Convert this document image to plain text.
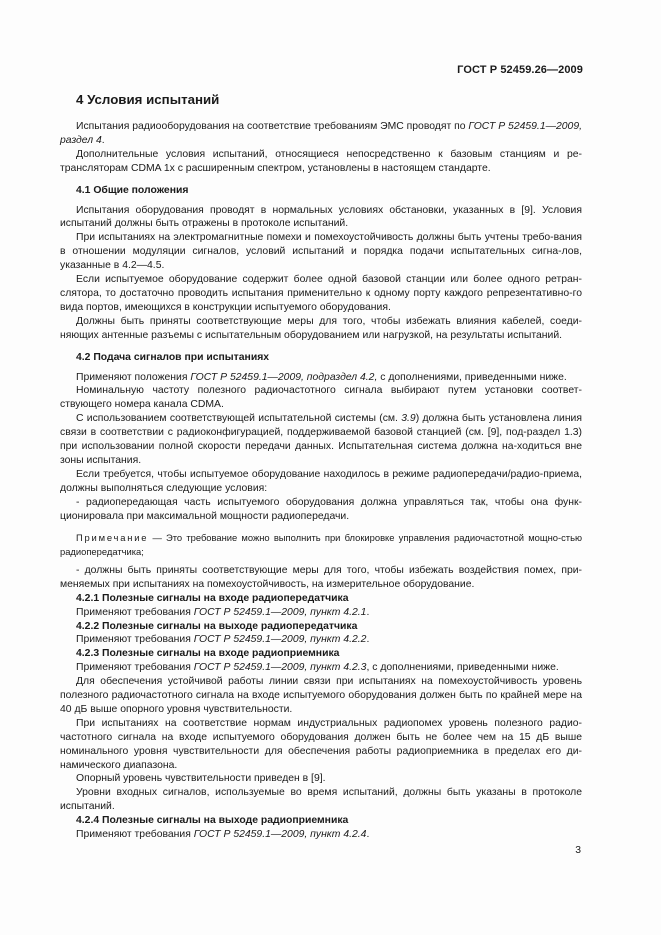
ГОСТ Р 52459.26—2009
4 Условия испытаний

Испытания радиооборудования на соответствие требованиям ЭМС проводят по ГОСТ Р 52459.1—2009, раздел 4.

Дополнительные условия испытаний, относящиеся непосредственно к базовым станциям и ре-трансляторам CDMA 1x с расширенным спектром, установлены в настоящем стандарте.

4.1 Общие положения

Испытания оборудования проводят в нормальных условиях обстановки, указанных в [9]. Условия испытаний должны быть отражены в протоколе испытаний.

При испытаниях на электромагнитные помехи и помехоустойчивость должны быть учтены требо-вания в отношении модуляции сигналов, условий испытаний и порядка подачи испытательных сигна-лов, указанные в 4.2—4.5.

Если испытуемое оборудование содержит более одной базовой станции или более одного ретран-слятора, то достаточно проводить испытания применительно к одному порту каждого репрезентативно-го вида портов, имеющихся в конструкции испытуемого оборудования.

Должны быть приняты соответствующие меры для того, чтобы избежать влияния кабелей, соеди-няющих антенные разъемы с испытательным оборудованием или нагрузкой, на результаты испытаний.

4.2 Подача сигналов при испытаниях

Применяют положения ГОСТ Р 52459.1—2009, подраздел 4.2, с дополнениями, приведенными ниже.

Номинальную частоту полезного радиочастотного сигнала выбирают путем установки соответ-ствующего номера канала CDMA.

С использованием соответствующей испытательной системы (см. 3.9) должна быть установлена линия связи в соответствии с радиоконфигурацией, поддерживаемой базовой станцией (см. [9], под-раздел 1.3) при использовании полной скорости передачи данных. Испытательная система должна на-ходиться вне зоны испытания.

Если требуется, чтобы испытуемое оборудование находилось в режиме радиопередачи/радио-приема, должны выполняться следующие условия:

- радиопередающая часть испытуемого оборудования должна управляться так, чтобы она функ-ционировала при максимальной мощности радиопередачи.

Примечание — Это требование можно выполнить при блокировке управления радиочастотной мощно-стью радиопередатчика;

- должны быть приняты соответствующие меры для того, чтобы избежать воздействия помех, при-меняемых при испытаниях на помехоустойчивость, на измерительное оборудование.

4.2.1 Полезные сигналы на входе радиопередатчика

Применяют требования ГОСТ Р 52459.1—2009, пункт 4.2.1.

4.2.2 Полезные сигналы на выходе радиопередатчика

Применяют требования ГОСТ Р 52459.1—2009, пункт 4.2.2.

4.2.3 Полезные сигналы на входе радиоприемника

Применяют требования ГОСТ Р 52459.1—2009, пункт 4.2.3, с дополнениями, приведенными ниже.

Для обеспечения устойчивой работы линии связи при испытаниях на помехоустойчивость уровень полезного радиочастотного сигнала на входе испытуемого оборудования должен быть по крайней мере на 40 дБ выше опорного уровня чувствительности.

При испытаниях на соответствие нормам индустриальных радиопомех уровень полезного радио-частотного сигнала на входе испытуемого оборудования должен быть не более чем на 15 дБ выше номинального уровня чувствительности для обеспечения работы радиоприемника в пределах его ди-намического диапазона.

Опорный уровень чувствительности приведен в [9].

Уровни входных сигналов, используемые во время испытаний, должны быть указаны в протоколе испытаний.

4.2.4 Полезные сигналы на выходе радиоприемника

Применяют требования ГОСТ Р 52459.1—2009, пункт 4.2.4.

3
